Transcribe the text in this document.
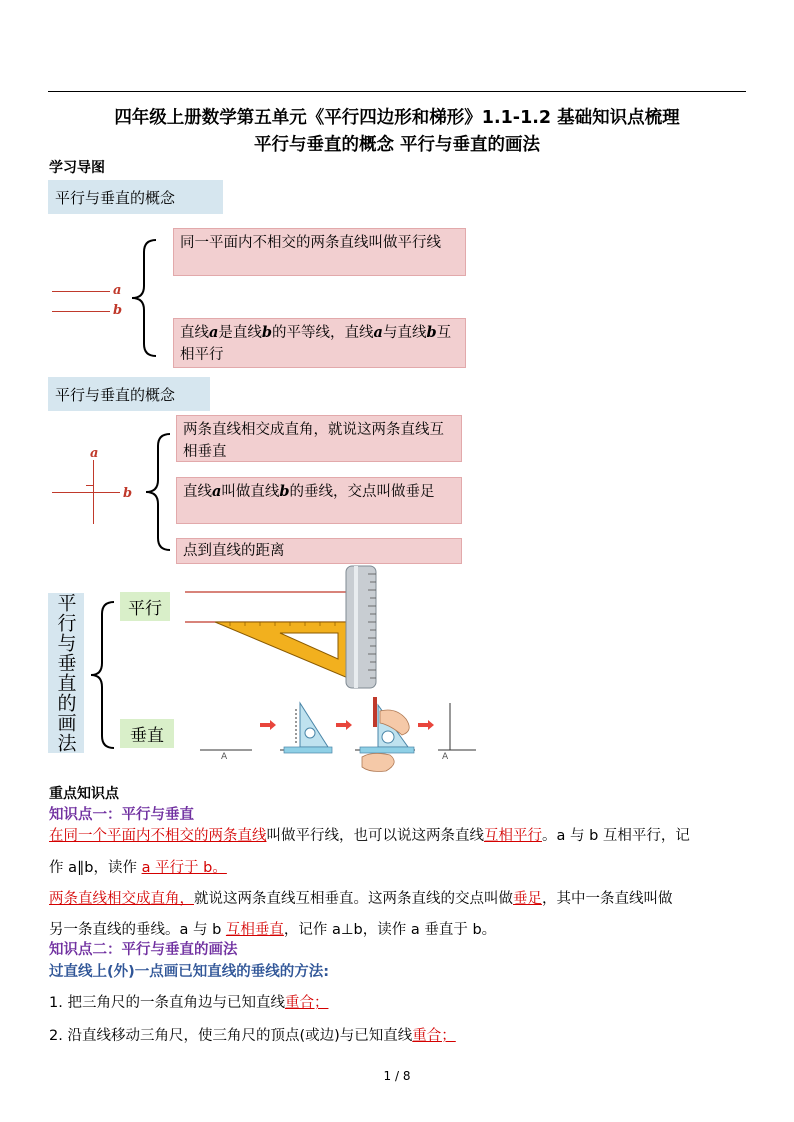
四年级上册数学第五单元《平行四边形和梯形》1.1-1.2 基础知识点梳理
平行与垂直的概念 平行与垂直的画法
学习导图
平行与垂直的概念
a
b
同一平面内不相交的两条直线叫做平行线
直线a是直线b的平等线，直线a与直线b互相平行
平行与垂直的概念
a
b
两条直线相交成直角，就说这两条直线互相垂直
直线a叫做直线b的垂线，交点叫做垂足
点到直线的距离
平行与垂直的画法	平行
垂直
A	A
重点知识点
知识点一：平行与垂直
在同一个平面内不相交的两条直线叫做平行线，也可以说这两条直线互相平行。a 与 b 互相平行，记
作 a∥b，读作 a 平行于 b。
两条直线相交成直角，就说这两条直线互相垂直。这两条直线的交点叫做垂足，其中一条直线叫做
另一条直线的垂线。a 与 b 互相垂直，记作 a⊥b，读作 a 垂直于 b。
知识点二：平行与垂直的画法
过直线上(外)一点画已知直线的垂线的方法:
1. 把三角尺的一条直角边与已知直线重合；
2. 沿直线移动三角尺，使三角尺的顶点(或边)与已知直线重合；
1 / 8
